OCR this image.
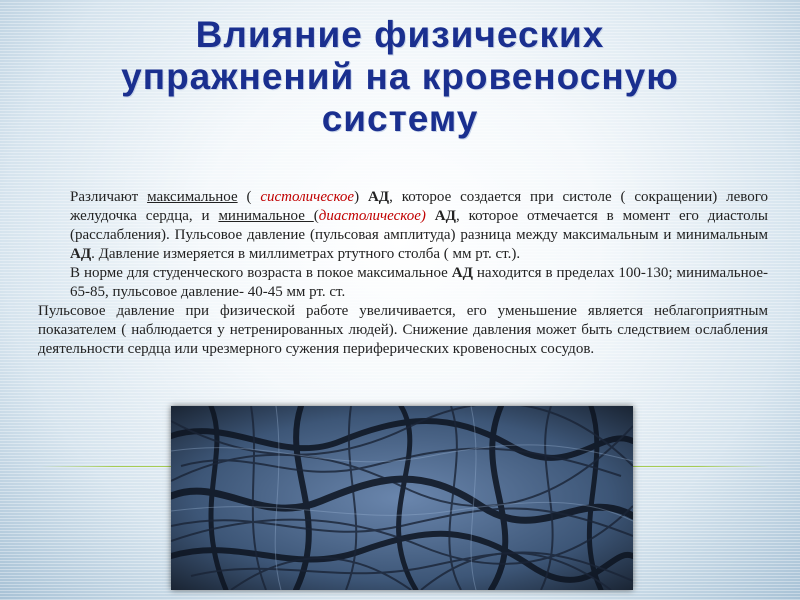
Влияние физических
упражнений на кровеносную
систему

Различают максимальное ( систолическое) АД, которое создается при систоле ( сокращении) левого желудочка сердца, и минимальное (диастолическое) АД, которое отмечается в момент его диастолы (расслабления). Пульсовое давление (пульсовая амплитуда) разница между максимальным и минимальным АД. Давление измеряется в миллиметрах ртутного столба ( мм рт. ст.).

В норме для студенческого возраста в покое максимальное АД находится в пределах 100-130; минимальное- 65-85, пульсовое давление- 40-45 мм рт. ст.

Пульсовое давление при физической работе увеличивается, его уменьшение является неблагоприятным показателем ( наблюдается у нетренированных людей). Снижение давления может быть следствием ослабления деятельности сердца или чрезмерного сужения периферических кровеносных сосудов.
